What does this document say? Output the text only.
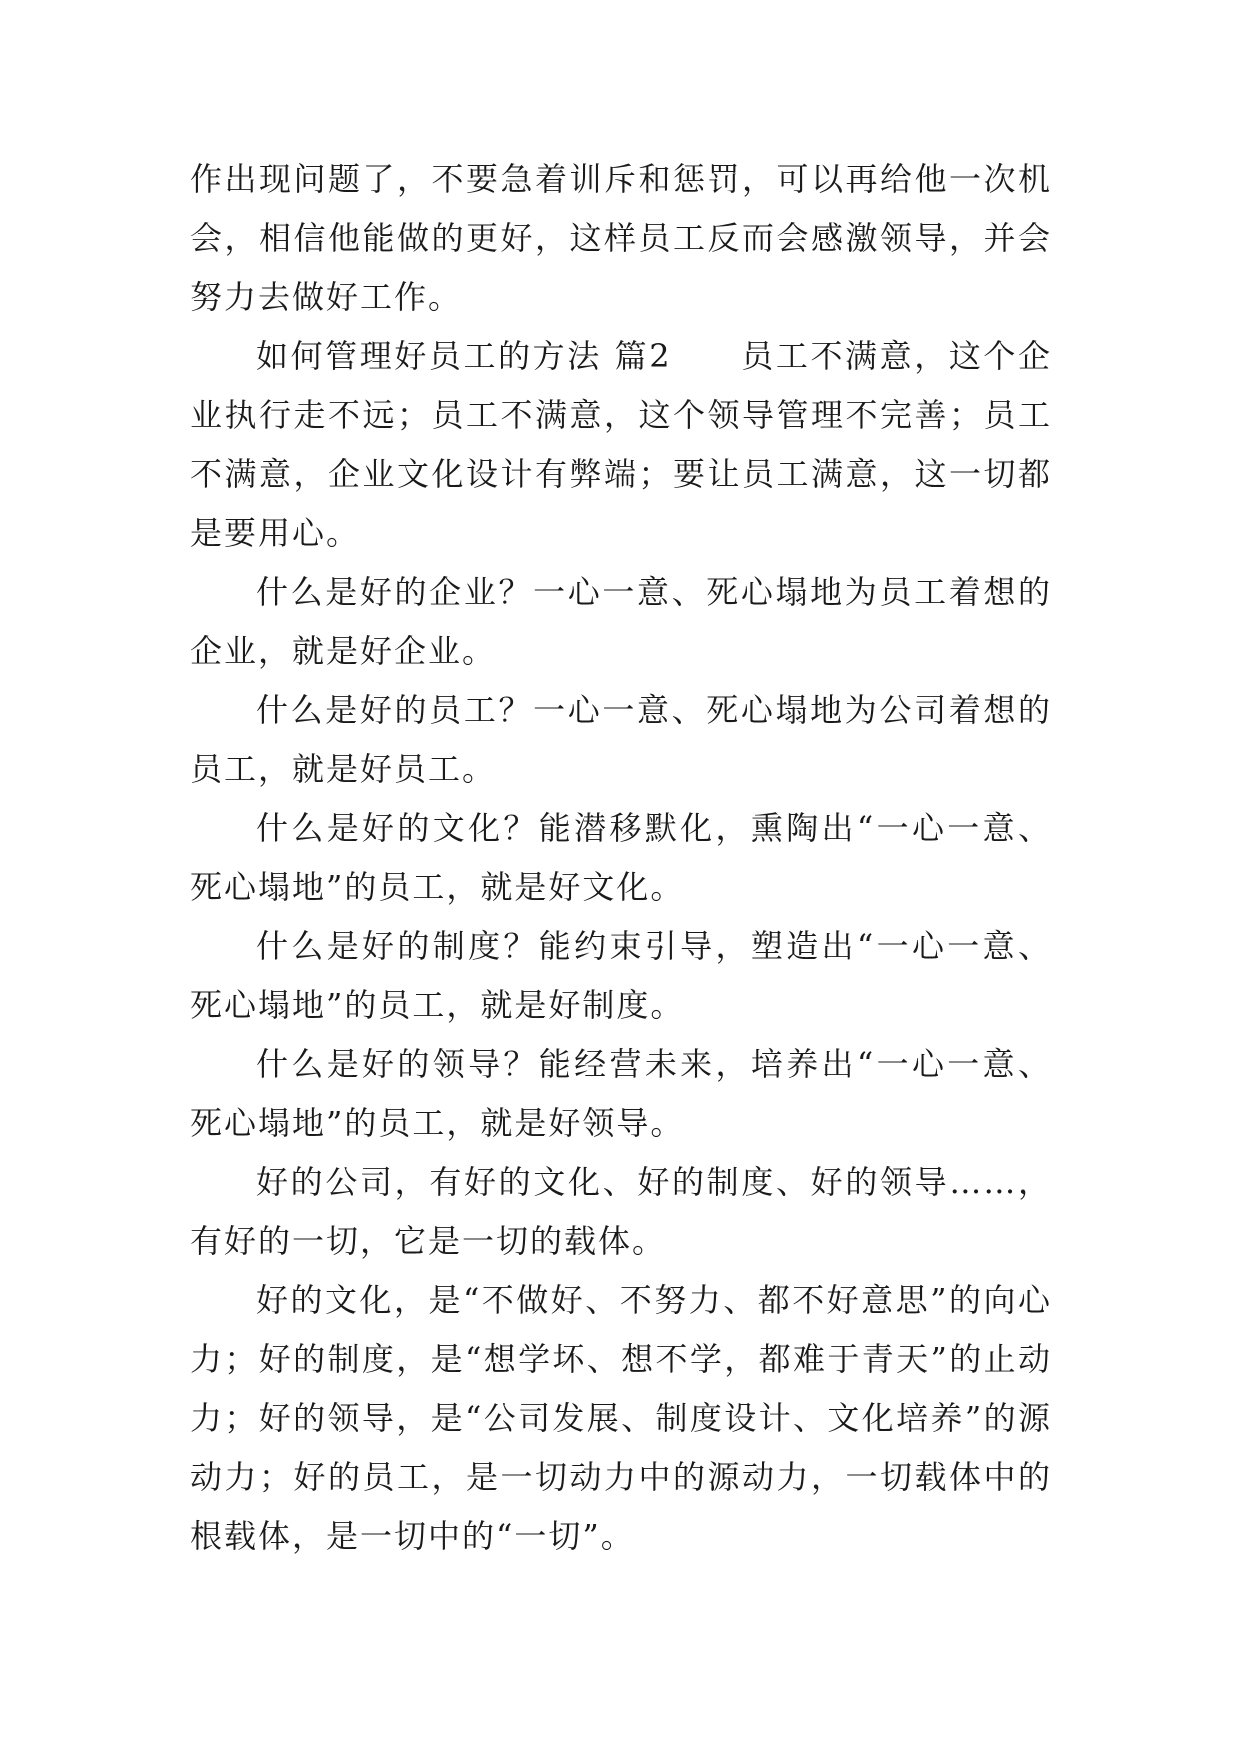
作出现问题了，不要急着训斥和惩罚，可以再给他一次机会，相信他能做的更好，这样员工反而会感激领导，并会努力去做好工作。

如何管理好员工的方法 篇2　　员工不满意，这个企业执行走不远；员工不满意，这个领导管理不完善；员工不满意，企业文化设计有弊端；要让员工满意，这一切都是要用心。

什么是好的企业？一心一意、死心塌地为员工着想的企业，就是好企业。

什么是好的员工？一心一意、死心塌地为公司着想的员工，就是好员工。

什么是好的文化？能潜移默化，熏陶出“一心一意、死心塌地”的员工，就是好文化。

什么是好的制度？能约束引导，塑造出“一心一意、死心塌地”的员工，就是好制度。

什么是好的领导？能经营未来，培养出“一心一意、死心塌地”的员工，就是好领导。

好的公司，有好的文化、好的制度、好的领导……，有好的一切，它是一切的载体。

好的文化，是“不做好、不努力、都不好意思”的向心力；好的制度，是“想学坏、想不学，都难于青天”的止动力；好的领导，是“公司发展、制度设计、文化培养”的源动力；好的员工，是一切动力中的源动力，一切载体中的根载体，是一切中的“一切”。
